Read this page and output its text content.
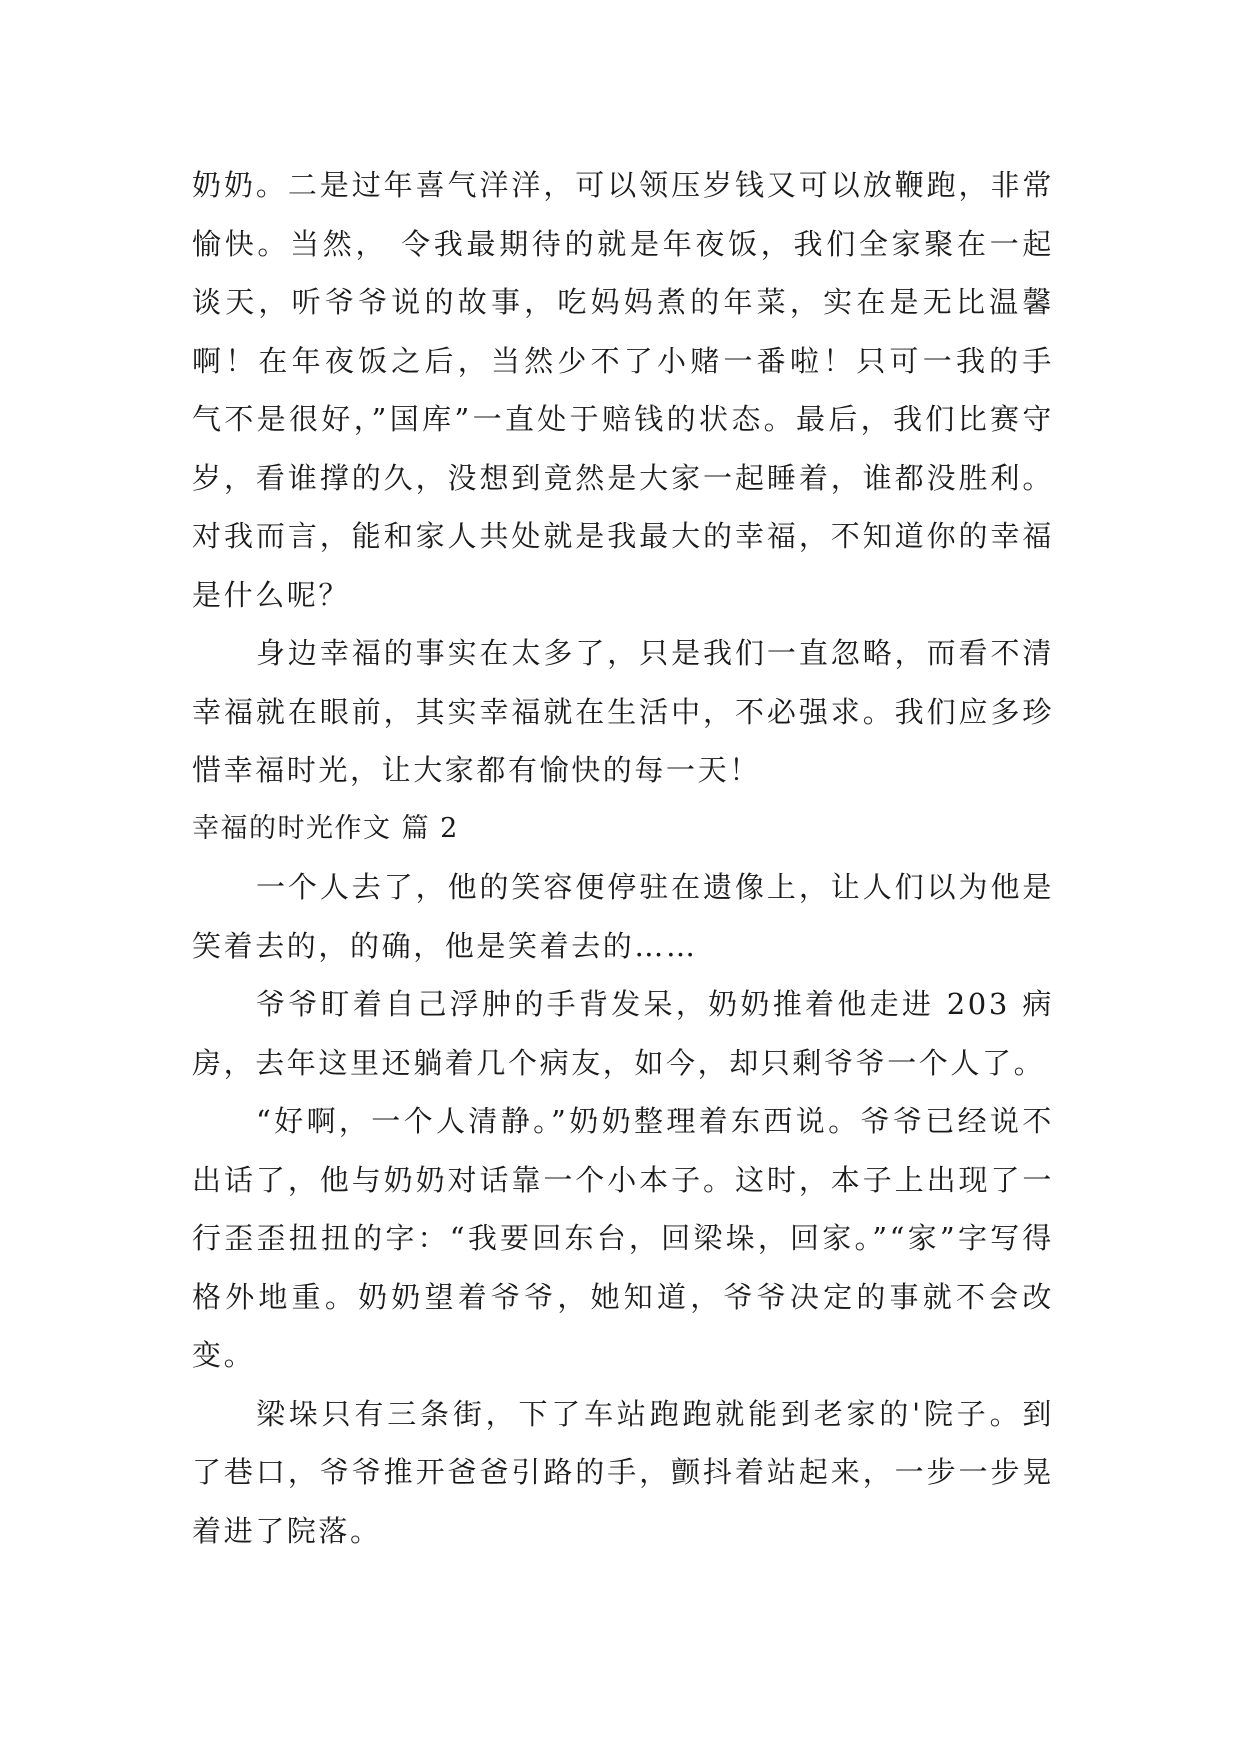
奶奶。二是过年喜气洋洋，可以领压岁钱又可以放鞭跑，非常愉快。当然， 令我最期待的就是年夜饭，我们全家聚在一起谈天，听爷爷说的故事，吃妈妈煮的年菜，实在是无比温馨啊！在年夜饭之后，当然少不了小赌一番啦！只可一我的手 气不是很好，”国库”一直处于赔钱的状态。最后，我们比赛守岁，看谁撑的久，没想到竟然是大家一起睡着，谁都没胜利。对我而言，能和家人共处就是我最大的幸福，不知道你的幸福是什么呢？

身边幸福的事实在太多了，只是我们一直忽略，而看不清幸福就在眼前，其实幸福就在生活中，不必强求。我们应多珍惜幸福时光，让大家都有愉快的每一天！

幸福的时光作文 篇 2

一个人去了，他的笑容便停驻在遗像上，让人们以为他是笑着去的，的确，他是笑着去的……

爷爷盯着自己浮肿的手背发呆，奶奶推着他走进 203 病房，去年这里还躺着几个病友，如今，却只剩爷爷一个人了。

“好啊，一个人清静。”奶奶整理着东西说。爷爷已经说不出话了，他与奶奶对话靠一个小本子。这时，本子上出现了一行歪歪扭扭的字：“我要回东台，回梁垛，回家。”“家”字写得格外地重。奶奶望着爷爷，她知道，爷爷决定的事就不会改变。

梁垛只有三条街，下了车站跑跑就能到老家的'院子。到了巷口，爷爷推开爸爸引路的手，颤抖着站起来，一步一步晃着进了院落。
